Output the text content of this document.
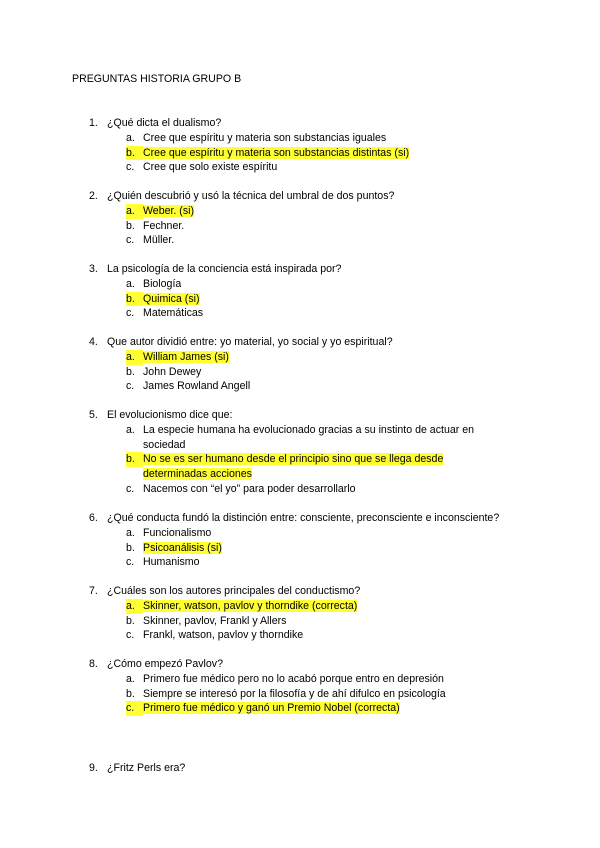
PREGUNTAS HISTORIA GRUPO B
1. ¿Qué dicta el dualismo?
a. Cree que espíritu y materia son substancias iguales
b. Cree que espíritu y materia son substancias distintas (si)
c. Cree que solo existe espíritu
2. ¿Quién descubrió y usó la técnica del umbral de dos puntos?
a. Weber. (si)
b. Fechner.
c. Müller.
3. La psicología de la conciencia está inspirada por?
a. Biología
b. Quimica (si)
c. Matemáticas
4. Que autor dividió entre: yo material, yo social y yo espiritual?
a. William James (si)
b. John Dewey
c. James Rowland Angell
5. El evolucionismo dice que:
a. La especie humana ha evolucionado gracias a su instinto de actuar en sociedad
b. No se es ser humano desde el principio sino que se llega desde determinadas acciones
c. Nacemos con “el yo” para poder desarrollarlo
6. ¿Qué conducta fundó la distinción entre: consciente, preconsciente e inconsciente?
a. Funcionalismo
b. Psicoanálisis (si)
c. Humanismo
7. ¿Cuáles son los autores principales del conductismo?
a. Skinner, watson, pavlov y thorndike (correcta)
b. Skinner, pavlov, Frankl y Allers
c. Frankl, watson, pavlov y thorndike
8. ¿Cómo empezó Pavlov?
a. Primero fue médico pero no lo acabó porque entro en depresión
b. Siempre se interesó por la filosofía y de ahí difulco en psicología
c. Primero fue médico y ganó un Premio Nobel (correcta)
9. ¿Fritz Perls era?
